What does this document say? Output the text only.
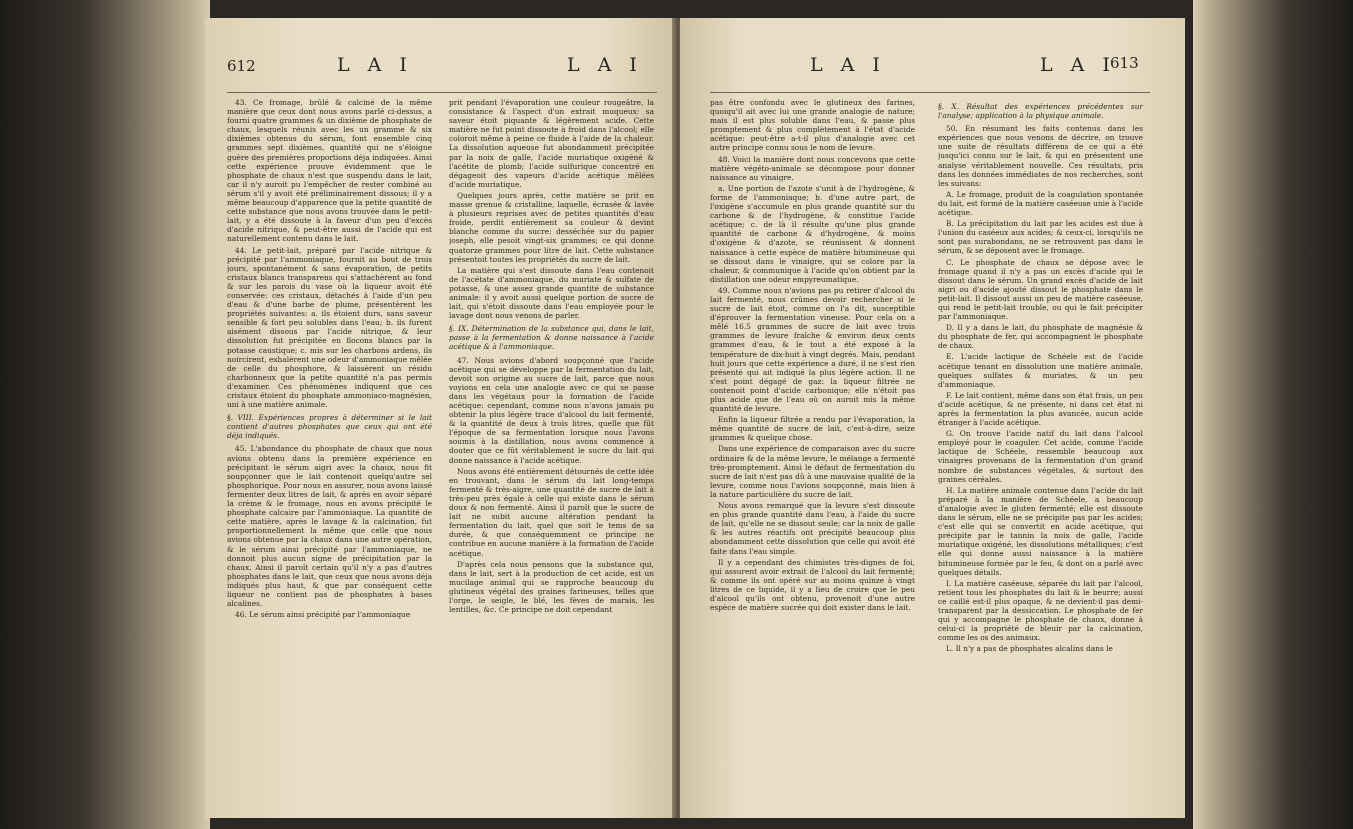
612	L A I	L A I

43. Ce fromage, brûlé & calciné de la même manière que ceux dont nous avons parlé ci-dessus, a fourni quatre grammes & un dixième de phosphate de chaux, lesquels réunis avec les un gramme & six dixièmes obtenus du sérum, font ensemble cinq grammes sept dixièmes, quantité qui ne s'éloigne guère des premières proportions déja indiquées. Ainsi cette expérience prouve évidemment que le phosphate de chaux n'est que suspendu dans le lait, car il n'y auroit pu l'empêcher de rester combiné au sérum s'il y avoit été préliminairement dissous; il y a même beaucoup d'apparence que la petite quantité de cette substance que nous avons trouvée dans le petit-lait, y a été dissoute à la faveur d'un peu d'excès d'acide nitrique, & peut-être aussi de l'acide qui est naturellement contenu dans le lait.

44. Le petit-lait, préparé par l'acide nitrique & précipité par l'ammoniaque, fournit au bout de trois jours, spontanément & sans évaporation, de petits cristaux blancs transparens qui s'attachèrent au fond & sur les parois du vase où la liqueur avoit été conservée: ces cristaux, détachés à l'aide d'un peu d'eau & d'une barbe de plume, présentèrent les propriétés suivantes: a. ils étoient durs, sans saveur sensible & fort peu solubles dans l'eau; b. ils furent aisément dissous par l'acide nitrique, & leur dissolution fut précipitée en flocons blancs par la potasse caustique; c. mis sur les charbons ardens, ils noircirent, exhalèrent une odeur d'ammoniaque mêlée de celle du phosphore, & laissèrent un résidu charbonneux que la petite quantité n'a pas permis d'examiner. Ces phénomènes indiquent que ces cristaux étoient du phosphate ammoniaco-magnésien, uni à une matière animale.

§. VIII. Expériences propres à déterminer si le lait contient d'autres phosphates que ceux qui ont été déja indiqués.

45. L'abondance du phosphate de chaux que nous avions obtenu dans la première expérience en précipitant le sérum aigri avec la chaux, nous fit soupçonner que le lait contenoit quelqu'autre sel phosphorique. Pour nous en assurer, nous avons laissé fermenter deux litres de lait, & après en avoir séparé la crème & le fromage, nous en avons précipité le phosphate calcaire par l'ammoniaque. La quantité de cette matière, après le lavage & la calcination, fut proportionnellement la même que celle que nous avions obtenue par la chaux dans une autre opération, & le sérum ainsi précipité par l'ammoniaque, ne donnoit plus aucun signe de précipitation par la chaux. Ainsi il paroît certain qu'il n'y a pas d'autres phosphates dans le lait, que ceux que nous avons déja indiqués plus haut, & que par conséquent cette liqueur ne contient pas de phosphates à bases alcalines.

46. Le sérum ainsi précipité par l'ammoniaque

prit pendant l'évaporation une couleur rougeâtre, la consistance & l'aspect d'un extrait muqueux: sa saveur étoit piquante & légèrement acide. Cette matière ne fut point dissoute à froid dans l'alcool; elle coloroit même à peine ce fluide à l'aide de la chaleur. La dissolution aqueuse fut abondamment précipitée par la noix de galle, l'acide muriatique oxigéné & l'acétite de plomb; l'acide sulfurique concentré en dégageoit des vapeurs d'acide acétique mêlées d'acide muriatique.

Quelques jours après, cette matière se prit en masse grenue & cristalline, laquelle, écrasée & lavée à plusieurs reprises avec de petites quantités d'eau froide, perdit entièrement sa couleur & devint blanche comme du sucre: desséchée sur du papier joseph, elle pesoit vingt-six grammes; ce qui donne quatorze grammes pour litre de lait. Cette substance présentoit toutes les propriétés du sucre de lait.

La matière qui s'est dissoute dans l'eau contenoit de l'acétate d'ammoniaque, du muriate & sulfate de potasse, & une assez grande quantité de substance animale: il y avoit aussi quelque portion de sucre de lait, qui s'étoit dissoute dans l'eau employée pour le lavage dont nous venons de parler.

§. IX. Détermination de la substance qui, dans le lait, passe à la fermentation & donne naissance à l'acide acétique & à l'ammoniaque.

47. Nous avions d'abord soupçonné que l'acide acétique qui se développe par la fermentation du lait, devoit son origine au sucre de lait, parce que nous voyions en cela une analogie avec ce qui se passe dans les végétaux pour la formation de l'acide acétique: cependant, comme nous n'avons jamais pu obtenir la plus légère trace d'alcool du lait fermenté, & la quantité de deux à trois litres, quelle que fût l'époque de sa fermentation lorsque nous l'avons soumis à la distillation, nous avons commencé à douter que ce fût véritablement le sucre du lait qui donne naissance à l'acide acétique.

Nous avons été entièrement détournés de cette idée en trouvant, dans le sérum du lait long-temps fermenté & très-aigre, une quantité de sucre de lait à très-peu près égale à celle qui existe dans le sérum doux & non fermenté. Ainsi il paroît que le sucre de lait ne subit aucune altération pendant la fermentation du lait, quel que soit le tems de sa durée, & que conséquemment ce principe ne contribue en aucune manière à la formation de l'acide acétique.

D'après cela nous pensons que la substance qui, dans le lait, sert à la production de cet acide, est un mucilage animal qui se rapproche beaucoup du glutineux végétal des graines farineuses, telles que l'orge, le seigle, le blé, les fèves de marais, les lentilles, &c. Ce principe ne doit cependant

L A I	L A I
613

pas être confondu avec le glutineux des farines, quoiqu'il ait avec lui une grande analogie de nature; mais il est plus soluble dans l'eau, & passe plus promptement & plus complètement à l'état d'acide acétique: peut-être a-t-il plus d'analogie avec cet autre principe connu sous le nom de levure.

48. Voici la manière dont nous concevons que cette matière végéto-animale se décompose pour donner naissance au vinaigre.

a. Une portion de l'azote s'unit à de l'hydrogène, & forme de l'ammoniaque; b. d'une autre part, de l'oxigène s'accumule en plus grande quantité sur du carbone & de l'hydrogène, & constitue l'acide acétique; c. de là il résulte qu'une plus grande quantité de carbone & d'hydrogène, & moins d'oxigène & d'azote, se réunissent & donnent naissance à cette espèce de matière bitumineuse qui se dissout dans le vinaigre, qui se colore par la chaleur, & communique à l'acide qu'on obtient par la distillation une odeur empyreumatique.

49. Comme nous n'avions pas pu retirer d'alcool du lait fermenté, nous crûmes devoir rechercher si le sucre de lait étoit, comme on l'a dit, susceptible d'éprouver la fermentation vineuse. Pour cela on a mêlé 16.5 grammes de sucre de lait avec trois grammes de levure fraîche & environ deux cents grammes d'eau, & le tout a été exposé à la température de dix-huit à vingt degrés. Mais, pendant huit jours que cette expérience a duré, il ne s'est rien présenté qui ait indiqué la plus légère action. Il ne s'est point dégagé de gaz: la liqueur filtrée ne contenoit point d'acide carbonique; elle n'étoit pas plus acide que de l'eau où on auroit mis la même quantité de levure.

Enfin la liqueur filtrée a rendu par l'évaporation, la même quantité de sucre de lait, c'est-à-dire, seize grammes & quelque chose.

Dans une expérience de comparaison avec du sucre ordinaire & de la même levure, le mélange a fermenté très-promptement. Ainsi le défaut de fermentation du sucre de lait n'est pas dû à une mauvaise qualité de la levure, comme nous l'avions soupçonné, mais bien à la nature particulière du sucre de lait.

Nous avons remarqué que la levure s'est dissoute en plus grande quantité dans l'eau, à l'aide du sucre de lait, qu'elle ne se dissout seule; car la noix de galle & les autres réactifs ont précipité beaucoup plus abondamment cette dissolution que celle qui avoit été faite dans l'eau simple.

Il y a cependant des chimistes très-dignes de foi, qui assurent avoir extrait de l'alcool du lait fermenté; & comme ils ont opéré sur au moins quinze à vingt litres de ce liquide, il y a lieu de croire que le peu d'alcool qu'ils ont obtenu, provenoit d'une autre espèce de matière sucrée qui doit exister dans le lait.

§. X. Résultat des expériences précédentes sur l'analyse; application à la physique animale.

50. En résumant les faits contenus dans les expériences que nous venons de décrire, on trouve une suite de résultats différens de ce qui a été jusqu'ici connu sur le lait, & qui en présentent une analyse véritablement nouvelle. Ces résultats, pris dans les données immédiates de nos recherches, sont les suivans:

A. Le fromage, produit de la coagulation spontanée du lait, est formé de la matière caséeuse unie à l'acide acétique.

B. La précipitation du lait par les acides est due à l'union du caséeux aux acides; & ceux-ci, lorsqu'ils ne sont pas surabondans, ne se retrouvent pas dans le sérum, & se déposent avec le fromage.

C. Le phosphate de chaux se dépose avec le fromage quand il n'y a pas un excès d'acide qui le dissout dans le sérum. Un grand excès d'acide de lait aigri ou d'acide ajouté dissout le phosphate dans le petit-lait. Il dissout aussi un peu de matière caséeuse, qui rend le petit-lait trouble, ou qui le fait précipiter par l'ammoniaque.

D. Il y a dans le lait, du phosphate de magnésie & du phosphate de fer, qui accompagnent le phosphate de chaux.

E. L'acide lactique de Schéele est de l'acide acétique tenant en dissolution une matière animale, quelques sulfates & muriates, & un peu d'ammoniaque.

F. Le lait contient, même dans son état frais, un peu d'acide acétique, & ne présente, ni dans cet état ni après la fermentation la plus avancée, aucun acide étranger à l'acide acétique.

G. On trouve l'acide natif du lait dans l'alcool employé pour le coaguler. Cet acide, comme l'acide lactique de Schéele, ressemble beaucoup aux vinaigres provenans de la fermentation d'un grand nombre de substances végétales, & surtout des graines céréales.

H. La matière animale contenue dans l'acide du lait préparé à la manière de Schéele, a beaucoup d'analogie avec le gluten fermenté; elle est dissoute dans le sérum, elle ne se précipite pas par les acides; c'est elle qui se convertit en acide acétique, qui précipite par le tannin la noix de galle, l'acide muriatique oxigéné, les dissolutions métalliques; c'est elle qui donne aussi naissance à la matière bitumineuse formée par le feu, & dont on a parlé avec quelques détails.

I. La matière caséeuse, séparée du lait par l'alcool, retient tous les phosphates du lait & le beurre; aussi ce caillé est-il plus opaque, & ne devient-il pas demi-transparent par la dessiccation. Le phosphate de fer qui y accompagne le phosphate de chaux, donne à celui-ci la propriété de bleuir par la calcination, comme les os des animaux.

L. Il n'y a pas de phosphates alcalins dans le
